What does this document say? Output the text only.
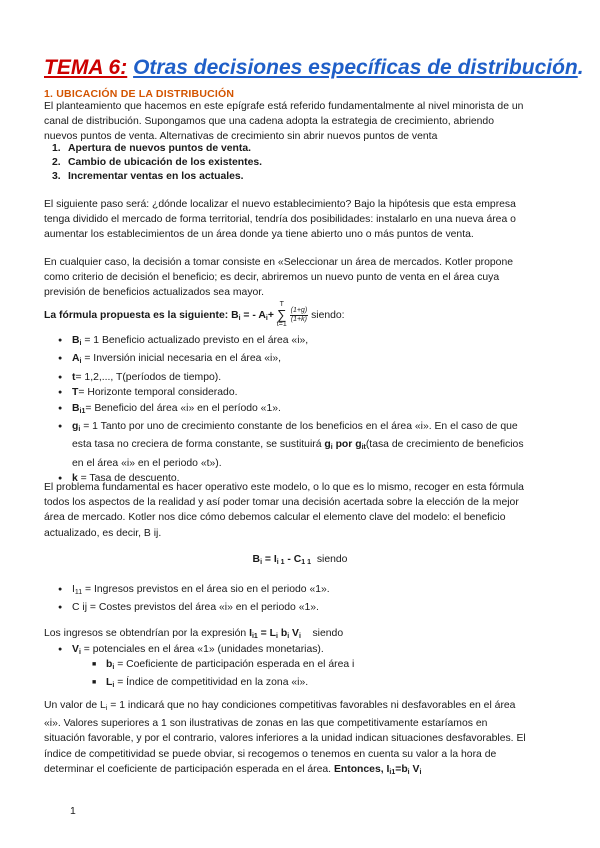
TEMA 6: Otras decisiones específicas de distribución.
1. UBICACIÓN DE LA DISTRIBUCIÓN
El planteamiento que hacemos en este epígrafe está referido fundamentalmente al nivel minorista de un
canal de distribución. Supongamos que una cadena adopta la estrategia de crecimiento, abriendo
nuevos puntos de venta. Alternativas de crecimiento sin abrir nuevos puntos de venta
1. Apertura de nuevos puntos de venta.
2. Cambio de ubicación de los existentes.
3. Incrementar ventas en los actuales.
El siguiente paso será: ¿dónde localizar el nuevo establecimiento? Bajo la hipótesis que esta empresa
tenga dividido el mercado de forma territorial, tendría dos posibilidades: instalarlo en una nueva área o
aumentar los establecimientos de un área donde ya tiene abierto uno o más puntos de venta.
En cualquier caso, la decisión a tomar consiste en «Seleccionar un área de mercados. Kotler propone
como criterio de decisión el beneficio; es decir, abriremos un nuevo punto de venta en el área cuya
previsión de beneficios actualizados sea mayor.
La fórmula propuesta es la siguiente: $B_i$ = - $A_i+$
T
∑
t=1

$\frac{(1+g)}{(1+k)}$ siendo:
● $B_i = 1$ Beneficio actualizado previsto en el área «i»,
● $A_i$ = Inversión inicial necesaria en el área «i»,
● t= 1,2,..., T(períodos de tiempo).
● T= Horizonte temporal considerado.
● $B_{i1}=$ Beneficio del área «i» en el período «1».
● $g_i = 1$ Tanto por uno de crecimiento constante de los beneficios en el área «i». En el caso de que
esta tasa no creciera de forma constante, se sustituirá $g_i$ por $g_{it}(tasa$ de crecimiento de beneficios
en el área «i» en el periodo «t»).
● k = Tasa de descuento.
El problema fundamental es hacer operativo este modelo, o lo que es lo mismo, recoger en esta fórmula
todos los aspectos de la realidad y así poder tomar una decisión acertada sobre la elección de la mejor
área de mercado. Kotler nos dice cómo debemos calcular el elemento clave del modelo: el beneficio
actualizado, es decir, B ij.
$B_i = I_{i 1} - C_{1 1}$ siendo
● $I_{11}$ = Ingresos previstos en el área sio en el periodo «1».
● C ij = Costes previstos del área «i» en el periodo «1».
Los ingresos se obtendrían por la expresión $I_{i1} = L_i$ $b_i$ $V_i$ siendo
● $V_i$ = potenciales en el área «1» (unidades monetarias).
■ $b_i$ = Coeficiente de participación esperada en el área i
■ $L_i$ = Índice de competitividad en la zona «i».
Un valor de $L_i = 1$ indicará que no hay condiciones competitivas favorables ni desfavorables en el área
«i». Valores superiores a 1 son ilustrativas de zonas en las que competitivamente estaríamos en
situación favorable, y por el contrario, valores inferiores a la unidad indican situaciones desfavorables. El
índice de competitividad se puede obviar, si recogemos o tenemos en cuenta su valor a la hora de
determinar el coeficiente de participación esperada en el área. Entonces, $I_{i1}=b_i$ $V_i$
1
